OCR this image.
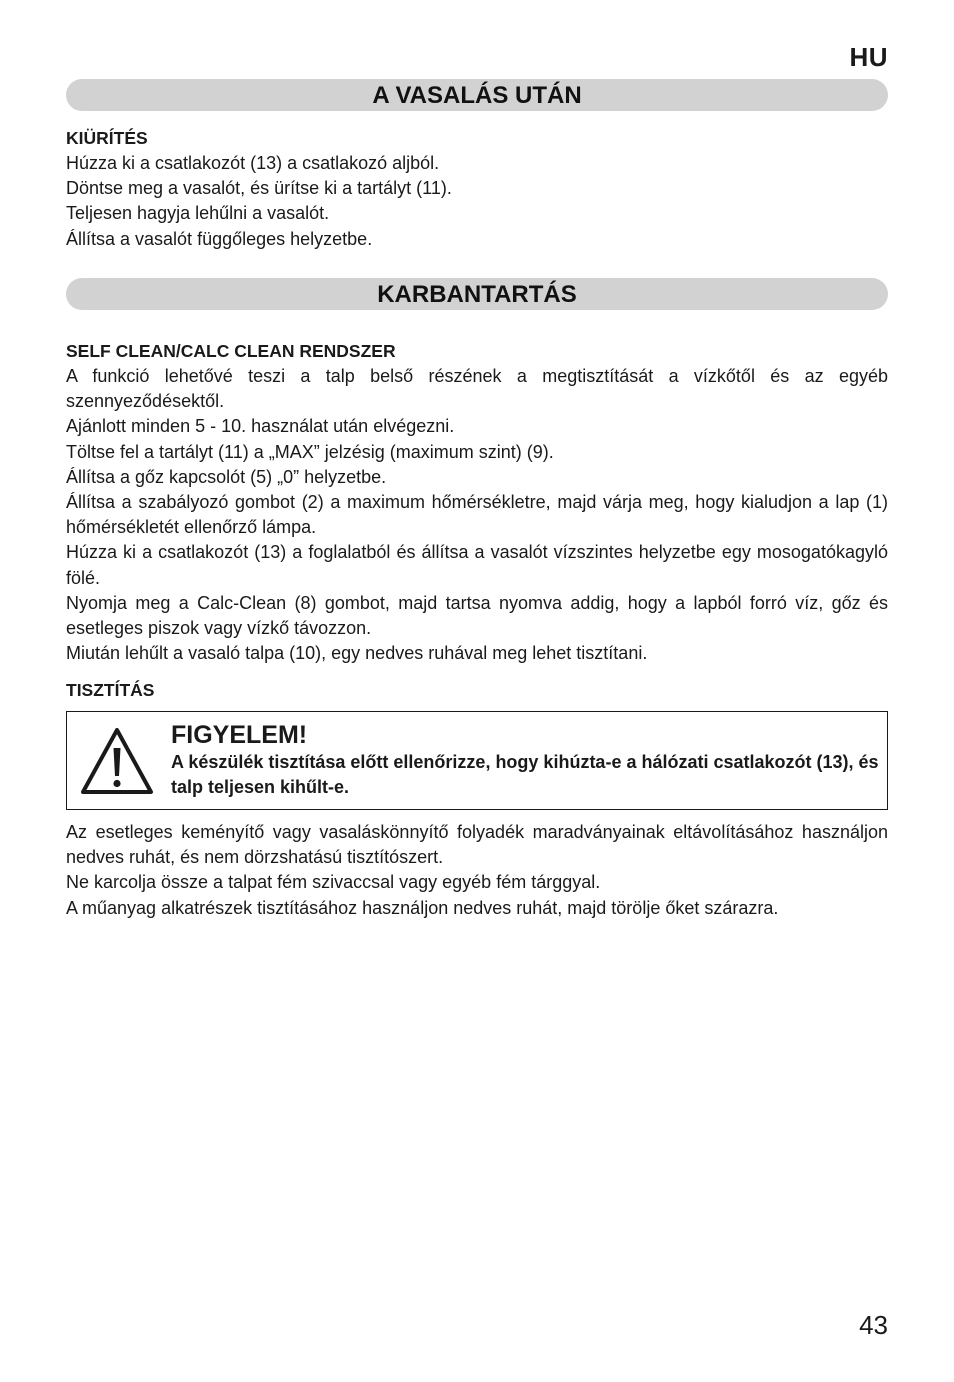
HU
A VASALÁS UTÁN

KIÜRÍTÉS

Húzza ki a csatlakozót (13) a csatlakozó aljból.

Döntse meg a vasalót, és ürítse ki a tartályt (11).

Teljesen hagyja lehűlni a vasalót.

Állítsa a vasalót függőleges helyzetbe.

KARBANTARTÁS

SELF CLEAN/CALC CLEAN RENDSZER

A funkció lehetővé teszi a talp belső részének a megtisztítását a vízkőtől és az egyéb szennyeződésektől.

Ajánlott minden 5 - 10. használat után elvégezni.

Töltse fel a tartályt (11) a „MAX” jelzésig (maximum szint) (9).

Állítsa a gőz kapcsolót (5) „0” helyzetbe.

Állítsa a szabályozó gombot (2) a maximum hőmérsékletre, majd várja meg, hogy kialudjon a lap (1) hőmérsékletét ellenőrző lámpa.

Húzza ki a csatlakozót (13) a foglalatból és állítsa a vasalót vízszintes helyzetbe egy mosogatókagyló fölé.

Nyomja meg a Calc-Clean (8) gombot, majd tartsa nyomva addig, hogy a lapból forró víz, gőz és esetleges piszok vagy vízkő távozzon.

Miután lehűlt a vasaló talpa (10), egy nedves ruhával meg lehet tisztítani.

TISZTÍTÁS

FIGYELEM!
A készülék tisztítása előtt ellenőrizze, hogy kihúzta-e a hálózati csatlakozót (13), és talp teljesen kihűlt-e.

Az esetleges keményítő vagy vasaláskönnyítő folyadék maradványainak eltávolításához használjon nedves ruhát, és nem dörzshatású tisztítószert.

Ne karcolja össze a talpat fém szivaccsal vagy egyéb fém tárggyal.

A műanyag alkatrészek tisztításához használjon nedves ruhát, majd törölje őket szárazra.

43
